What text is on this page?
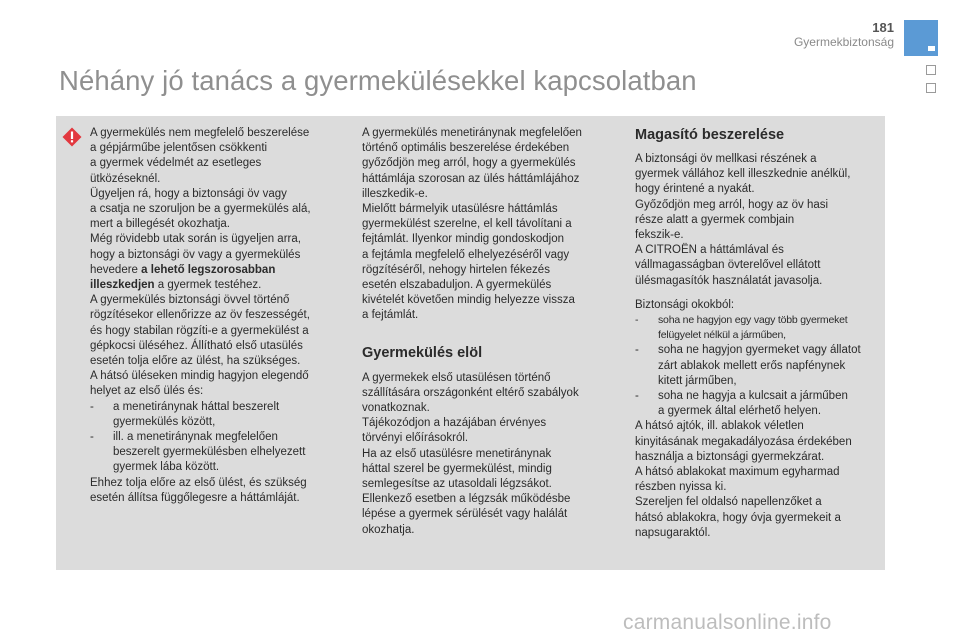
181
Gyermekbiztonság
Néhány jó tanács a gyermekülésekkel kapcsolatban

A gyermekülés nem megfelelő beszerelése

a gépjárműbe jelentősen csökkenti

a gyermek védelmét az esetleges

ütközéseknél.

Ügyeljen rá, hogy a biztonsági öv vagy

a csatja ne szoruljon be a gyermekülés alá,

mert a billegését okozhatja.

Még rövidebb utak során is ügyeljen arra,

hogy a biztonsági öv vagy a gyermekülés

hevedere a lehető legszorosabban

illeszkedjen a gyermek testéhez.

A gyermekülés biztonsági övvel történő

rögzítésekor ellenőrizze az öv feszességét,

és hogy stabilan rögzíti-e a gyermekülést a

gépkocsi üléséhez. Állítható első utasülés

esetén tolja előre az ülést, ha szükséges.

A hátsó üléseken mindig hagyjon elegendő

helyet az első ülés és:

- a menetiránynak háttal beszerelt

gyermekülés között,

- ill. a menetiránynak megfelelően

beszerelt gyermekülésben elhelyezett

gyermek lába között.

Ehhez tolja előre az első ülést, és szükség

esetén állítsa függőlegesre a háttámláját.

A gyermekülés menetiránynak megfelelően

történő optimális beszerelése érdekében

győződjön meg arról, hogy a gyermekülés

háttámlája szorosan az ülés háttámlájához

illeszkedik-e.

Mielőtt bármelyik utasülésre háttámlás

gyermekülést szerelne, el kell távolítani a

fejtámlát. Ilyenkor mindig gondoskodjon

a fejtámla megfelelő elhelyezéséről vagy

rögzítéséről, nehogy hirtelen fékezés

esetén elszabaduljon. A gyermekülés

kivételét követően mindig helyezze vissza

a fejtámlát.

Gyermekülés elöl

A gyermekek első utasülésen történő

szállítására országonként eltérő szabályok

vonatkoznak.

Tájékozódjon a hazájában érvényes

törvényi előírásokról.

Ha az első utasülésre menetiránynak

háttal szerel be gyermekülést, mindig

semlegesítse az utasoldali légzsákot.

Ellenkező esetben a légzsák működésbe

lépése a gyermek sérülését vagy halálát

okozhatja.

Magasító beszerelése

A biztonsági öv mellkasi részének a

gyermek vállához kell illeszkednie anélkül,

hogy érintené a nyakát.

Győződjön meg arról, hogy az öv hasi

része alatt a gyermek combjain

fekszik-e.

A CITROËN a háttámlával és

vállmagasságban övterelővel ellátott

ülésmagasítók használatát javasolja.

Biztonsági okokból:

- soha ne hagyjon egy vagy több gyermeket

felügyelet nélkül a járműben,

- soha ne hagyjon gyermeket vagy állatot

zárt ablakok mellett erős napfénynek

kitett járműben,

- soha ne hagyja a kulcsait a járműben

a gyermek által elérhető helyen.

A hátsó ajtók, ill. ablakok véletlen

kinyitásának megakadályozása érdekében

használja a biztonsági gyermekzárat.

A hátsó ablakokat maximum egyharmad

részben nyissa ki.

Szereljen fel oldalsó napellenzőket a

hátsó ablakokra, hogy óvja gyermekeit a

napsugaraktól.

carmanualsonline.info
